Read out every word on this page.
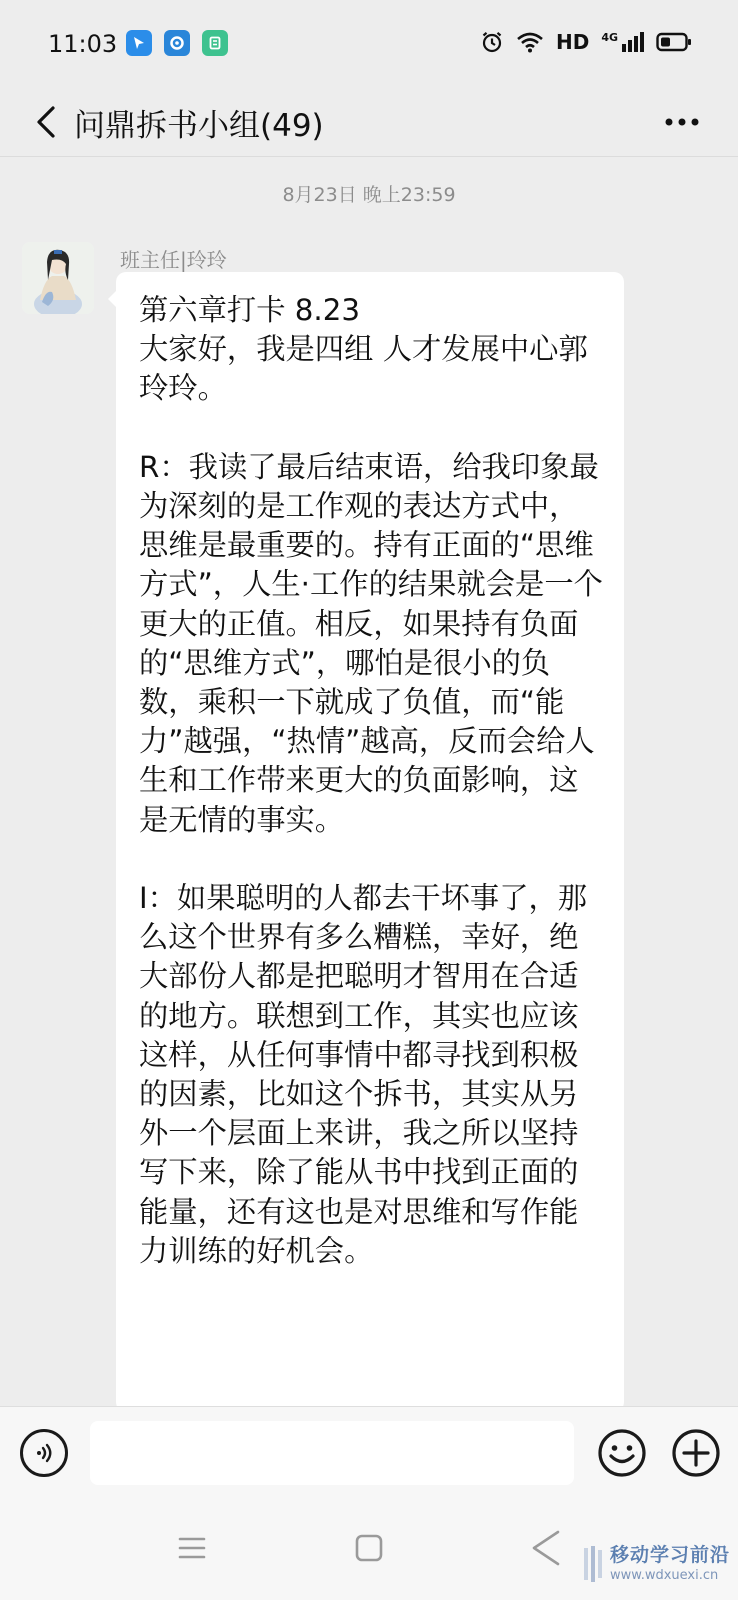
11:03	HD 4G
问鼎拆书小组(49)
8月23日 晚上23:59
班主任|玲玲

第六章打卡 8.23
大家好，我是四组 人才发展中心郭玲玲。

R：我读了最后结束语，给我印象最为深刻的是工作观的表达方式中，思维是最重要的。持有正面的“思维方式”，人生·工作的结果就会是一个更大的正值。相反，如果持有负面的“思维方式”，哪怕是很小的负数，乘积一下就成了负值，而“能力”越强，“热情”越高，反而会给人生和工作带来更大的负面影响，这是无情的事实。

I：如果聪明的人都去干坏事了，那么这个世界有多么糟糕，幸好，绝大部份人都是把聪明才智用在合适的地方。联想到工作，其实也应该这样，从任何事情中都寻找到积极的因素，比如这个拆书，其实从另外一个层面上来讲，我之所以坚持写下来，除了能从书中找到正面的能量，还有这也是对思维和写作能力训练的好机会。

移动学习前沿
www.wdxuexi.cn
